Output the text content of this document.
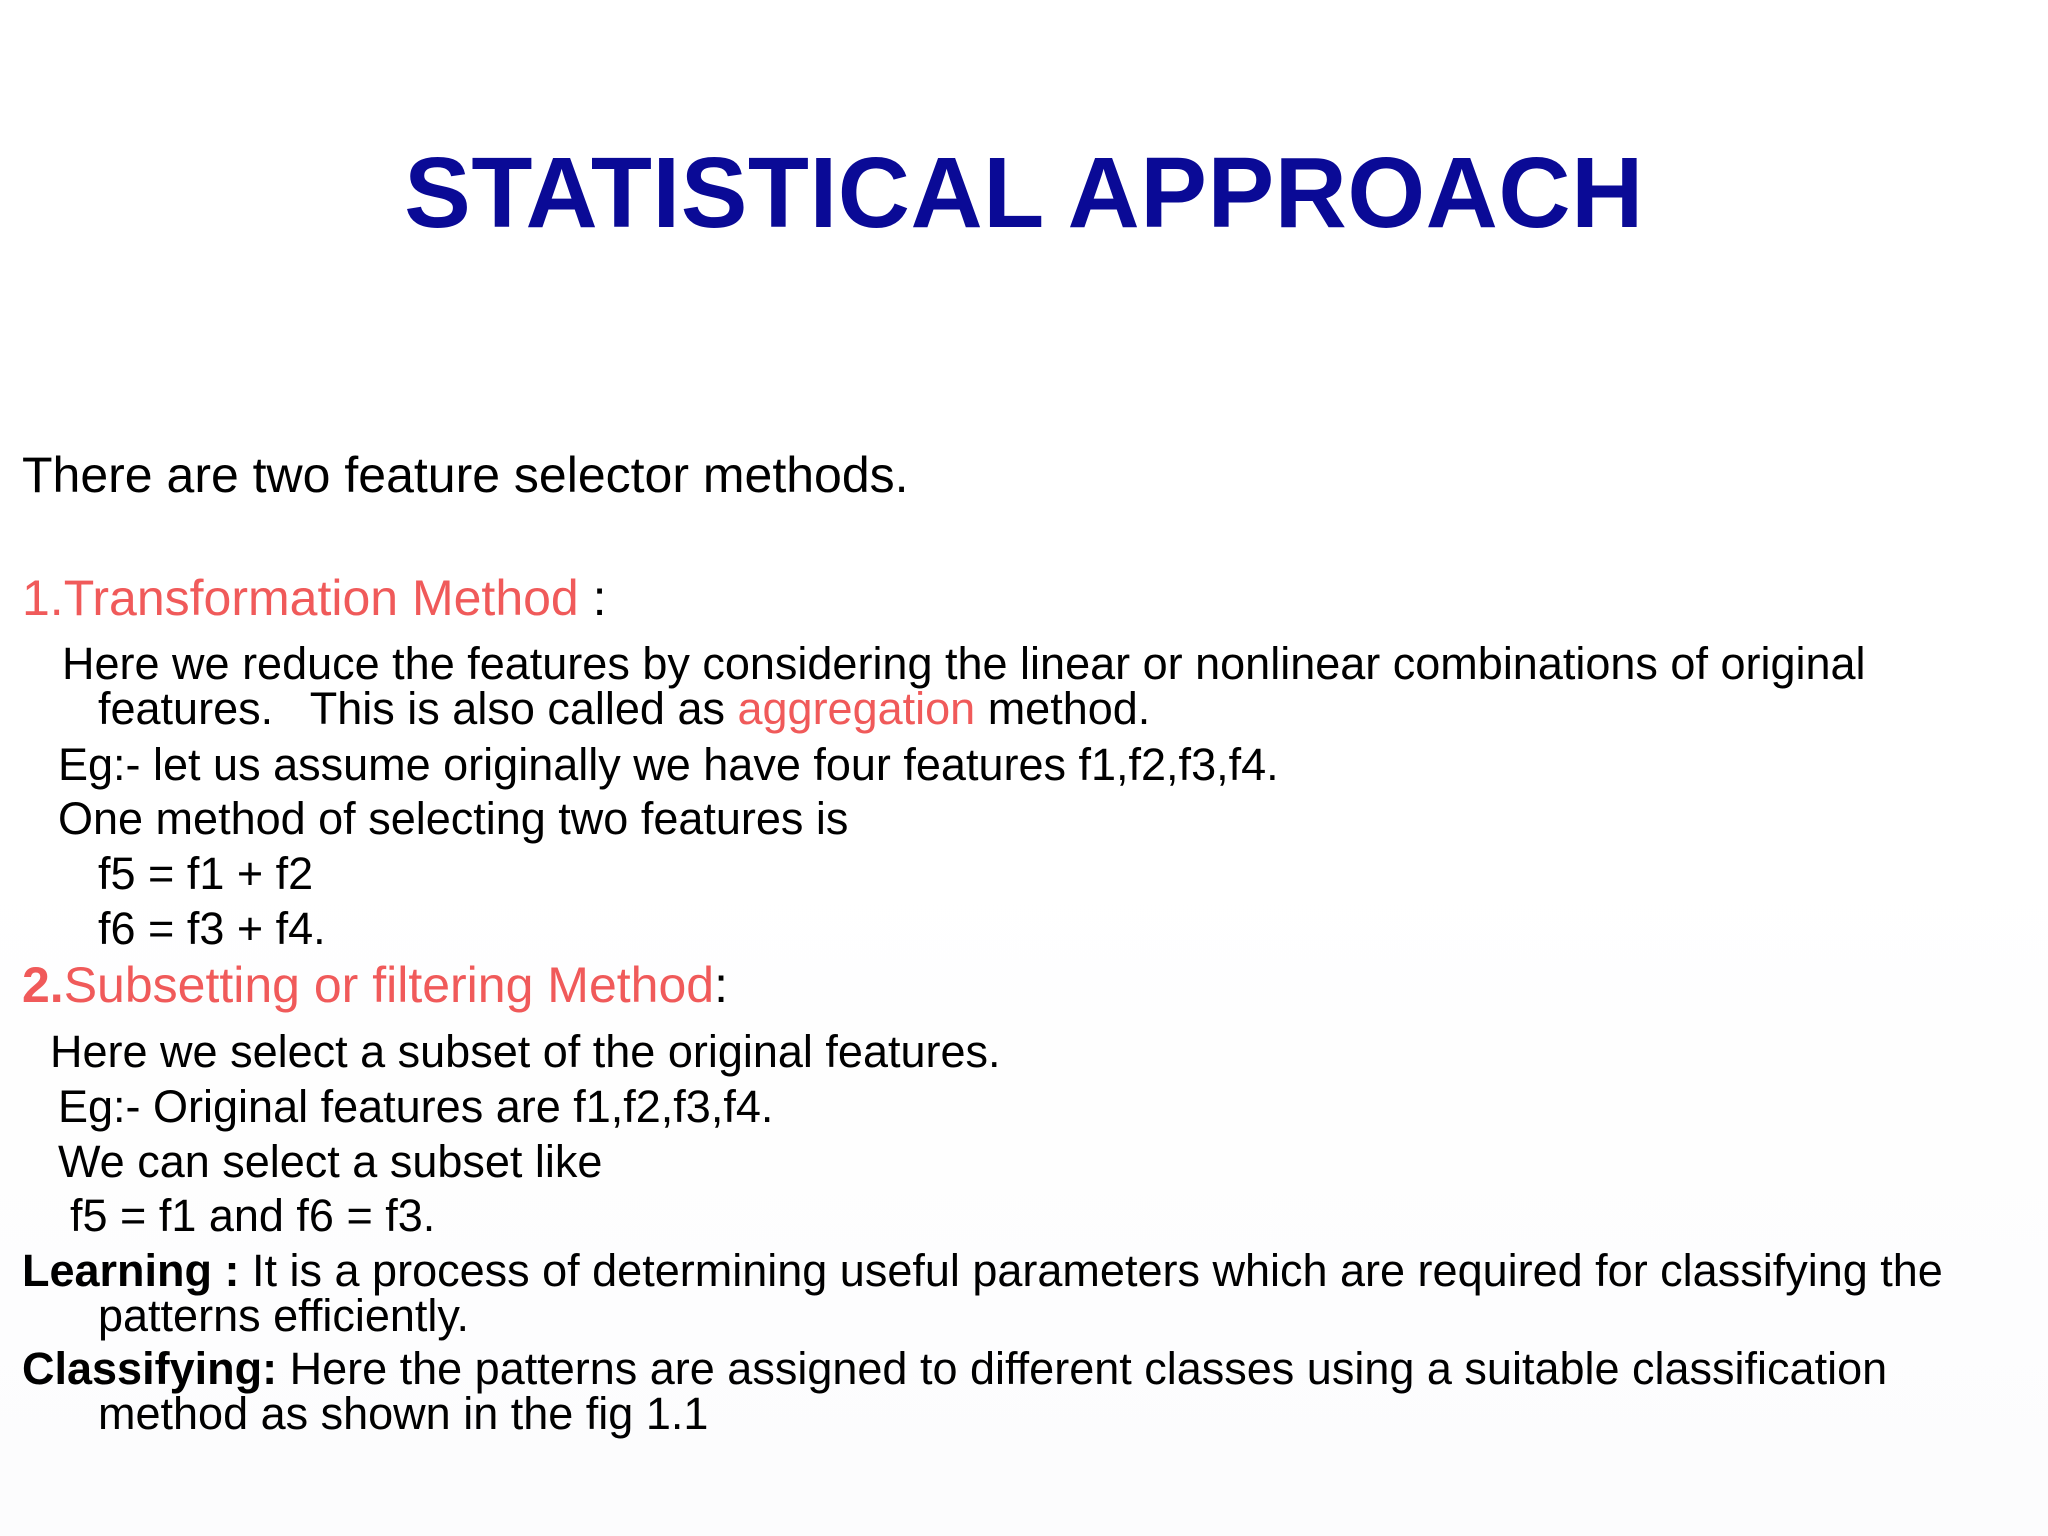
STATISTICAL APPROACH

There are two feature selector methods.

1.Transformation Method :

Here we reduce the features by considering the linear or nonlinear combinations of original

features.   This is also called as aggregation method.

Eg:- let us assume originally we have four features f1,f2,f3,f4.

One method of selecting two features is

f5 = f1 + f2

f6 = f3 + f4.

2.Subsetting or filtering Method:

Here we select a subset of the original features.

Eg:- Original features are f1,f2,f3,f4.

We can select a subset like

f5 = f1 and f6 = f3.

Learning : It is a process of determining useful parameters which are required for classifying the

patterns efficiently.

Classifying: Here the patterns are assigned to different classes using a suitable classification

method as shown in the fig 1.1
